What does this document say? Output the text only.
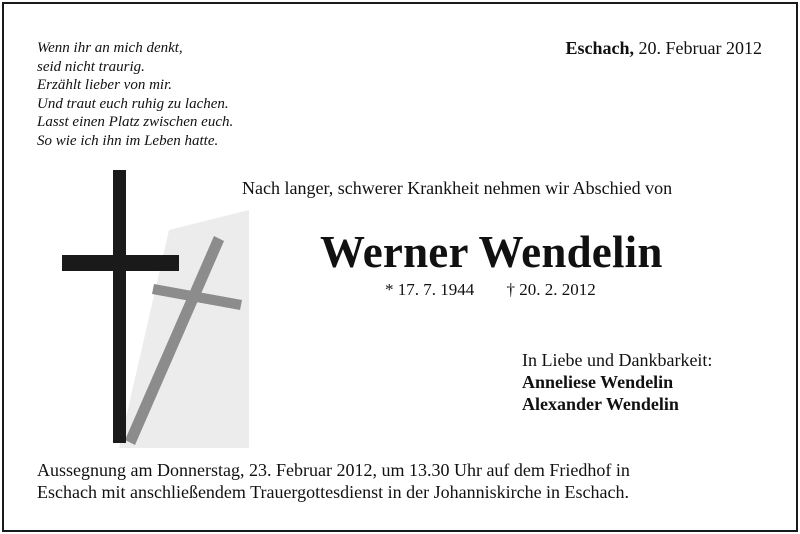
Wenn ihr an mich denkt,
seid nicht traurig.
Erzählt lieber von mir.
Und traut euch ruhig zu lachen.
Lasst einen Platz zwischen euch.
So wie ich ihn im Leben hatte.
Eschach, 20. Februar 2012
Nach langer, schwerer Krankheit nehmen wir Abschied von
Werner Wendelin
* 17. 7. 1944 † 20. 2. 2012
In Liebe und Dankbarkeit:
Anneliese Wendelin
Alexander Wendelin
Aussegnung am Donnerstag, 23. Februar 2012, um 13.30 Uhr auf dem Friedhof in
Eschach mit anschließendem Trauergottesdienst in der Johanniskirche in Eschach.
